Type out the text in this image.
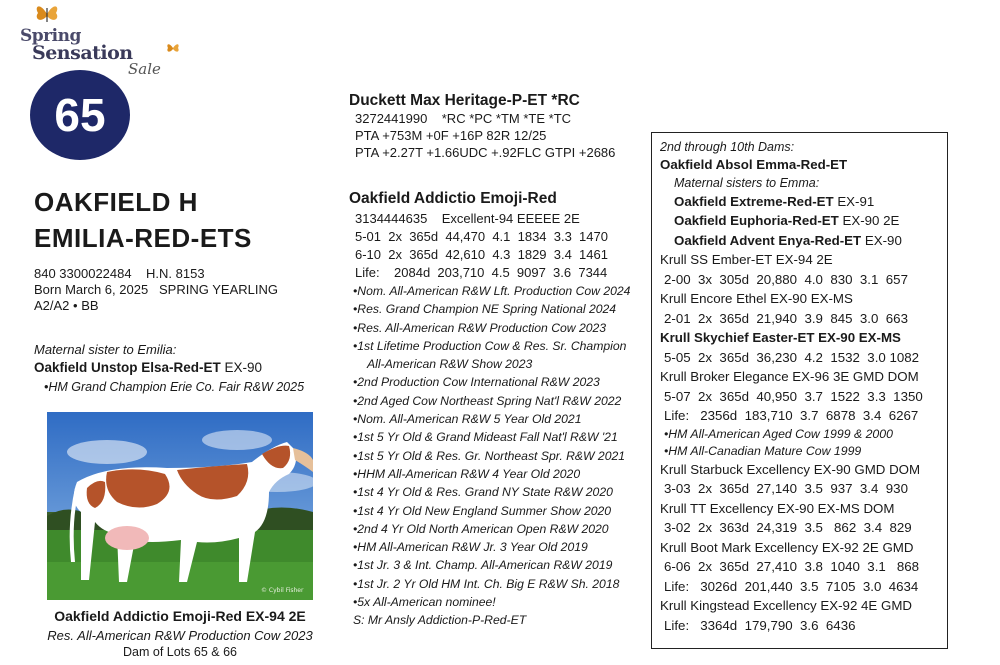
Spring
Sensation
Sale
65
OAKFIELD H
EMILIA-RED-ETS
840 3300022484    H.N. 8153
Born March 6, 2025   SPRING YEARLING
A2/A2 • BB
Maternal sister to Emilia:
Oakfield Unstop Elsa-Red-ET EX-90
•HM Grand Champion Erie Co. Fair R&W 2025
© Cybil Fisher
Oakfield Addictio Emoji-Red EX-94 2E
Res. All-American R&W Production Cow 2023
Dam of Lots 65 & 66
Duckett Max Heritage-P-ET *RC
3272441990    *RC *PC *TM *TE *TC
PTA +753M +0F +16P 82R 12/25
PTA +2.27T +1.66UDC +.92FLC GTPI +2686
Oakfield Addictio Emoji-Red
3134444635    Excellent-94 EEEEE 2E
5-01  2x  365d  44,470  4.1  1834  3.3  1470
6-10  2x  365d  42,610  4.3  1829  3.4  1461
Life:    2084d  203,710  4.5  9097  3.6  7344
•Nom. All-American R&W Lft. Production Cow 2024
•Res. Grand Champion NE Spring National 2024
•Res. All-American R&W Production Cow 2023
•1st Lifetime Production Cow & Res. Sr. Champion
All-American R&W Show 2023
•2nd Production Cow International R&W 2023
•2nd Aged Cow Northeast Spring Nat'l R&W 2022
•Nom. All-American R&W 5 Year Old 2021
•1st 5 Yr Old & Grand Mideast Fall Nat'l R&W '21
•1st 5 Yr Old & Res. Gr. Northeast Spr. R&W 2021
•HHM All-American R&W 4 Year Old 2020
•1st 4 Yr Old & Res. Grand NY State R&W 2020
•1st 4 Yr Old New England Summer Show 2020
•2nd 4 Yr Old North American Open R&W 2020
•HM All-American R&W Jr. 3 Year Old 2019
•1st Jr. 3 & Int. Champ. All-American R&W 2019
•1st Jr. 2 Yr Old HM Int. Ch. Big E R&W Sh. 2018
•5x All-American nominee!
S: Mr Ansly Addiction-P-Red-ET
2nd through 10th Dams:
Oakfield Absol Emma-Red-ET
Maternal sisters to Emma:
Oakfield Extreme-Red-ET EX-91
Oakfield Euphoria-Red-ET EX-90 2E
Oakfield Advent Enya-Red-ET EX-90
Krull SS Ember-ET EX-94 2E
2-00  3x  305d  20,880  4.0  830  3.1  657
Krull Encore Ethel EX-90 EX-MS
2-01  2x  365d  21,940  3.9  845  3.0  663
Krull Skychief Easter-ET EX-90 EX-MS
5-05  2x  365d  36,230  4.2  1532  3.0 1082
Krull Broker Elegance EX-96 3E GMD DOM
5-07  2x  365d  40,950  3.7  1522  3.3  1350
Life:   2356d  183,710  3.7  6878  3.4  6267
•HM All-American Aged Cow 1999 & 2000
•HM All-Canadian Mature Cow 1999
Krull Starbuck Excellency EX-90 GMD DOM
3-03  2x  365d  27,140  3.5  937  3.4  930
Krull TT Excellency EX-90 EX-MS DOM
3-02  2x  363d  24,319  3.5   862  3.4  829
Krull Boot Mark Excellency EX-92 2E GMD
6-06  2x  365d  27,410  3.8  1040  3.1   868
Life:   3026d  201,440  3.5  7105  3.0  4634
Krull Kingstead Excellency EX-92 4E GMD
Life:   3364d  179,790  3.6  6436
